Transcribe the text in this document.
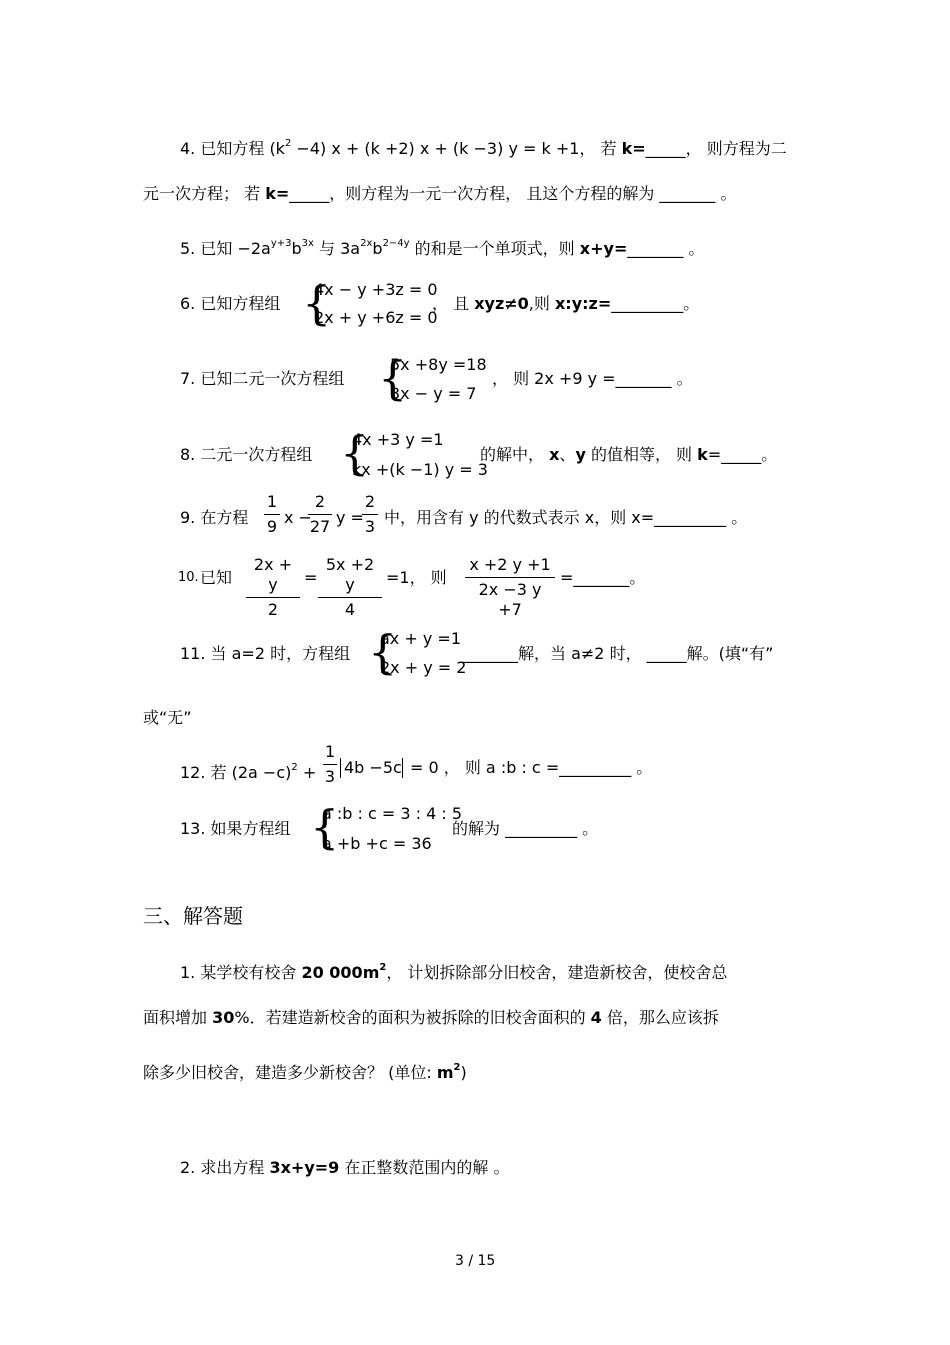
4. 已知方程 $(k^2 -4) x + (k +2) x + (k -3) y = k +1$， 若 k=_____， 则方程为二
元一次方程； 若 k=_____，则方程为一元一次方程， 且这个方程的解为 _______ 。
5. 已知 $-2a^{y+3}b^{3x}$ 与 $3a^{2x}b^{2-4y}$ 的和是一个单项式，则 x+y=_______ 。
6. 已知方程组 {
4x − y +3z = 0
2x + y +6z = 0
， 且 xyz≠0,则 x:y:z=_________。
7. 已知二元一次方程组 {
5x +8y =18
3x − y = 7
， 则 2x +9 y =_______ 。
8. 二元一次方程组 {
4x +3 y =1
kx +(k −1) y = 3
的解中， x、y 的值相等， 则 k=_____。
9. 在方程 $\frac{1}{9}$ x −
$\frac{2}{27}$ y =
$\frac{2}{3}$ 中，用含有 y 的代数式表示 x，则 x=_________ 。
10. 已知 $\frac{2x + y}{2} = \frac{5x +2 y}{4} =1$， 则 $\frac{x +2 y +1}{2x -3 y +7}$ =_______。
11. 当 a=2 时，方程组 {
ax + y =1
2x + y = 2
_______解，当 a≠2 时， _____解。(填“有”
或“无”
12. 若 $(2a -c)^2 + \frac{1}{3} 4b -5c = 0$ ， 则 a :b : c =_________ 。
13. 如果方程组 {
a :b : c = 3 : 4 : 5
a +b +c = 36
的解为 _________ 。
三、解答题
1. 某学校有校舍 20 $000m^2$， 计划拆除部分旧校舍，建造新校舍，使校舍总
面积增加 30%．若建造新校舍的面积为被拆除的旧校舍面积的 4 倍，那么应该拆
除多少旧校舍，建造多少新校舍？ (单位: $m^2$)
2. 求出方程 3x+y=9 在正整数范围内的解 。
3 / 15
